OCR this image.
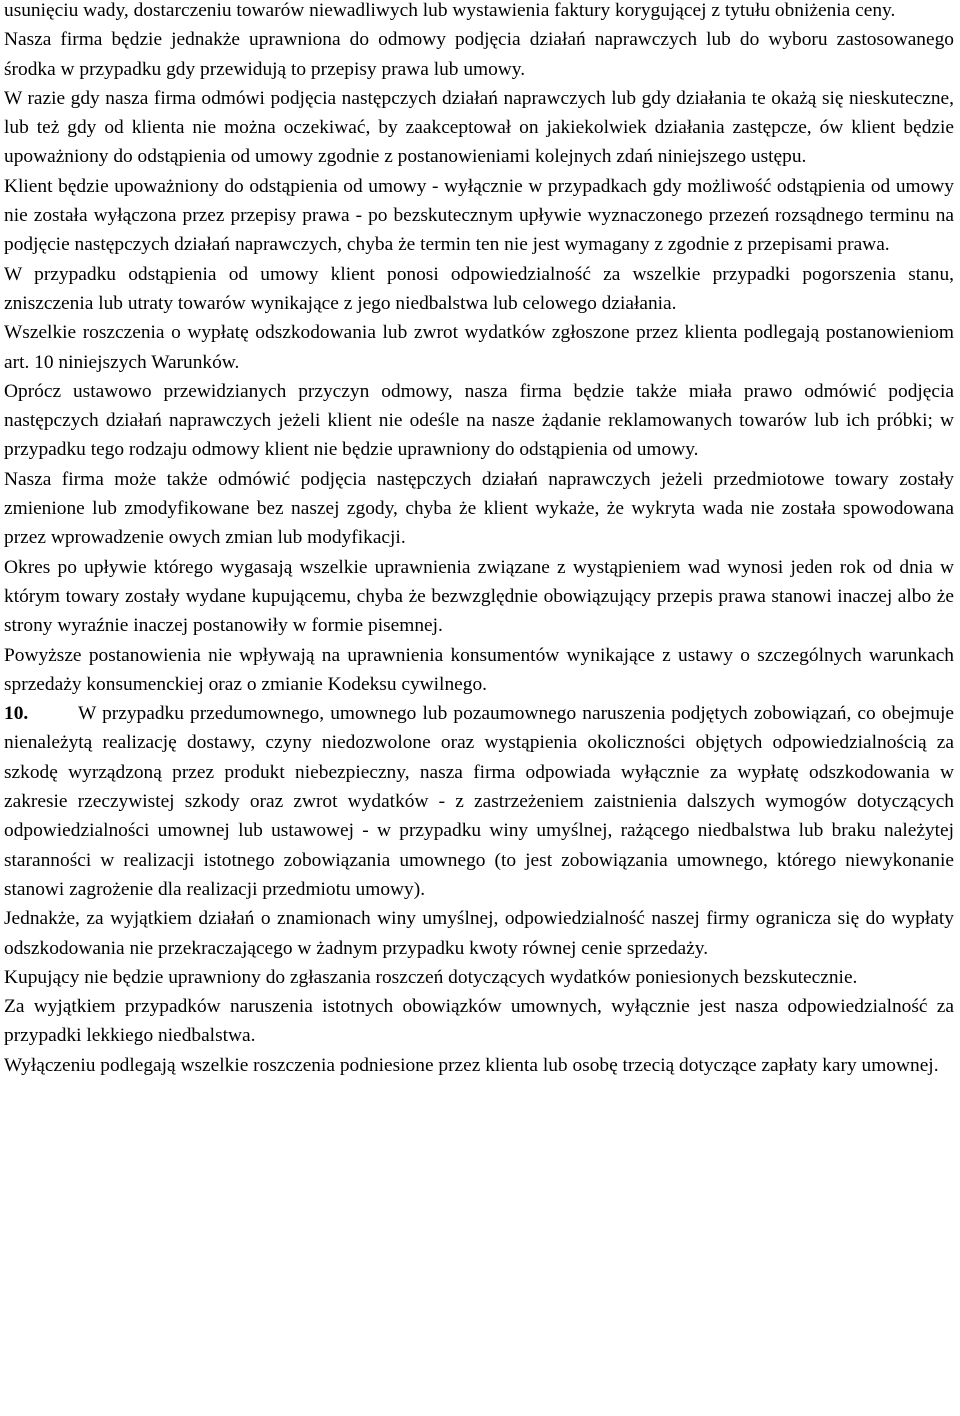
usunięciu wady, dostarczeniu towarów niewadliwych lub wystawienia faktury korygującej z tytułu obniżenia ceny.

Nasza firma będzie jednakże uprawniona do odmowy podjęcia działań naprawczych lub do wyboru zastosowanego środka w przypadku gdy przewidują to przepisy prawa lub umowy.

W razie gdy nasza firma odmówi podjęcia następczych działań naprawczych lub gdy działania te okażą się nieskuteczne, lub też gdy od klienta nie można oczekiwać, by zaakceptował on jakiekolwiek działania zastępcze, ów klient będzie upoważniony do odstąpienia od umowy zgodnie z postanowieniami kolejnych zdań niniejszego ustępu.

Klient będzie upoważniony do odstąpienia od umowy - wyłącznie w przypadkach gdy możliwość odstąpienia od umowy nie została wyłączona przez przepisy prawa - po bezskutecznym upływie wyznaczonego przezeń rozsądnego terminu na podjęcie następczych działań naprawczych, chyba że termin ten nie jest wymagany z zgodnie z przepisami prawa.

W przypadku odstąpienia od umowy klient ponosi odpowiedzialność za wszelkie przypadki pogorszenia stanu, zniszczenia lub utraty towarów wynikające z jego niedbalstwa lub celowego działania.

Wszelkie roszczenia o wypłatę odszkodowania lub zwrot wydatków zgłoszone przez klienta podlegają postanowieniom art. 10 niniejszych Warunków.

Oprócz ustawowo przewidzianych przyczyn odmowy, nasza firma będzie także miała prawo odmówić podjęcia następczych działań naprawczych jeżeli klient nie odeśle na nasze żądanie reklamowanych towarów lub ich próbki; w przypadku tego rodzaju odmowy klient nie będzie uprawniony do odstąpienia od umowy.

Nasza firma może także odmówić podjęcia następczych działań naprawczych jeżeli przedmiotowe towary zostały zmienione lub zmodyfikowane bez naszej zgody, chyba że klient wykaże, że wykryta wada nie została spowodowana przez wprowadzenie owych zmian lub modyfikacji.

Okres po upływie którego wygasają wszelkie uprawnienia związane z wystąpieniem wad wynosi jeden rok od dnia w którym towary zostały wydane kupującemu, chyba że bezwzględnie obowiązujący przepis prawa stanowi inaczej albo że strony wyraźnie inaczej postanowiły w formie pisemnej.

Powyższe postanowienia nie wpływają na uprawnienia konsumentów wynikające z ustawy o szczególnych warunkach sprzedaży konsumenckiej oraz o zmianie Kodeksu cywilnego.

10.	W przypadku przedumownego, umownego lub pozaumownego naruszenia podjętych zobowiązań, co obejmuje nienależytą realizację dostawy, czyny niedozwolone oraz wystąpienia okoliczności objętych odpowiedzialnością za szkodę wyrządzoną przez produkt niebezpieczny, nasza firma odpowiada wyłącznie za wypłatę odszkodowania w zakresie rzeczywistej szkody oraz zwrot wydatków - z zastrzeżeniem zaistnienia dalszych wymogów dotyczących odpowiedzialności umownej lub ustawowej - w przypadku winy umyślnej, rażącego niedbalstwa lub braku należytej staranności w realizacji istotnego zobowiązania umownego (to jest zobowiązania umownego, którego niewykonanie stanowi zagrożenie dla realizacji przedmiotu umowy).

Jednakże, za wyjątkiem działań o znamionach winy umyślnej, odpowiedzialność naszej firmy ogranicza się do wypłaty odszkodowania nie przekraczającego w żadnym przypadku kwoty równej cenie sprzedaży.

Kupujący nie będzie uprawniony do zgłaszania roszczeń dotyczących wydatków poniesionych bezskutecznie.

Za wyjątkiem przypadków naruszenia istotnych obowiązków umownych, wyłącznie jest nasza odpowiedzialność za przypadki lekkiego niedbalstwa.

Wyłączeniu podlegają wszelkie roszczenia podniesione przez klienta lub osobę trzecią dotyczące zapłaty kary umownej.
